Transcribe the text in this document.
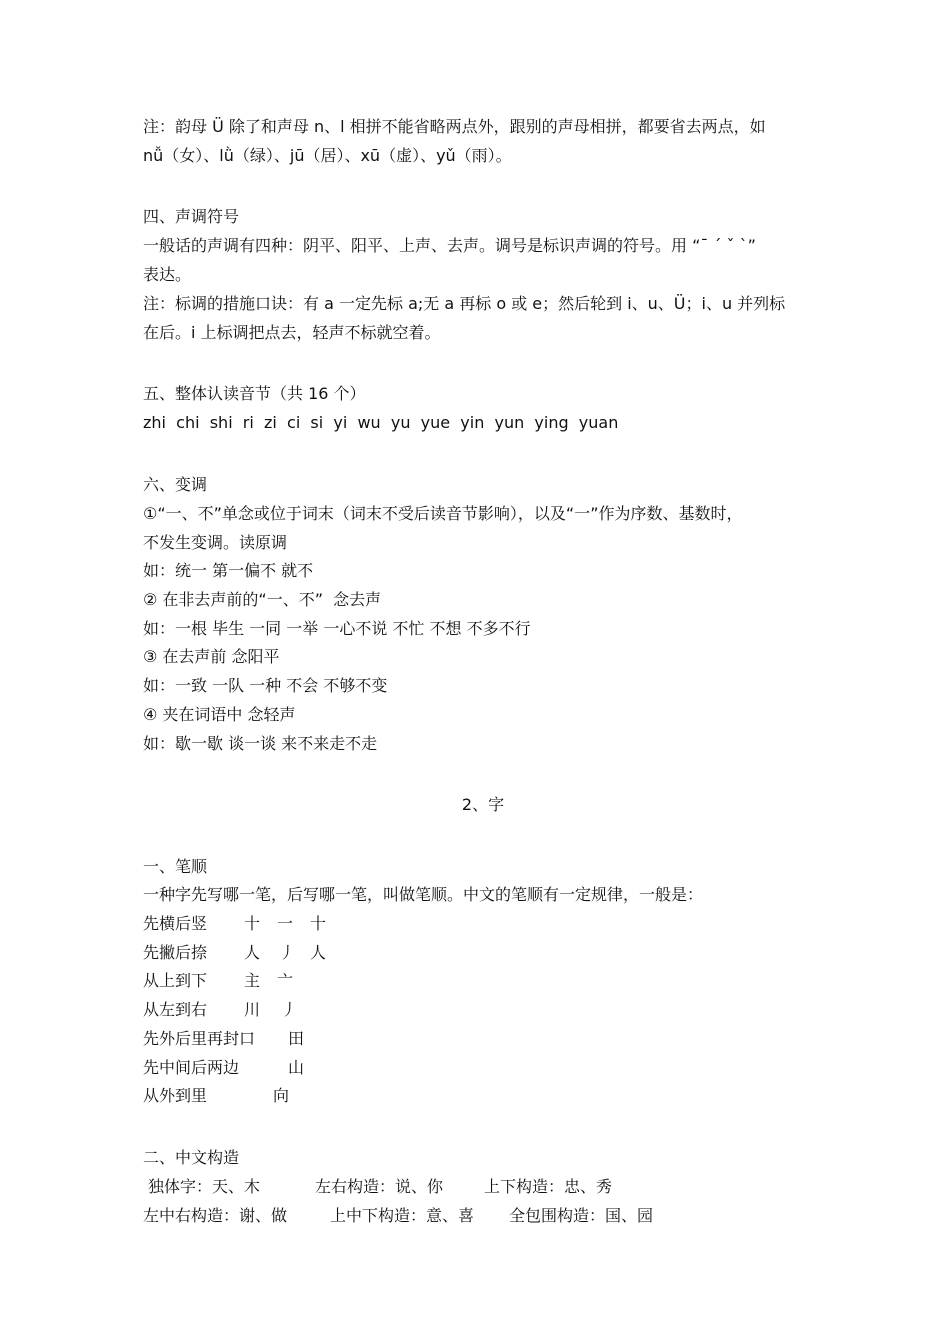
注：韵母 Ü 除了和声母 n、l 相拼不能省略两点外，跟别的声母相拼，都要省去两点，如
nǚ（女）、lǜ（绿）、jū（居）、xū（虚）、yǔ（雨）。
四、声调符号
一般话的声调有四种：阴平、阳平、上声、去声。调号是标识声调的符号。用 “ˉ ˊ ˇ ˋ”
表达。
注：标调的措施口诀：有 a 一定先标 a;无 a 再标 o 或 e；然后轮到 i、u、Ü；i、u 并列标
在后。i 上标调把点去，轻声不标就空着。
五、整体认读音节（共 16 个）
zhi  chi  shi  ri  zi  ci  si  yi  wu  yu  yue  yin  yun  ying  yuan
六、变调
①“一、不”单念或位于词末（词末不受后读音节影响），以及“一”作为序数、基数时，
不发生变调。读原调
如：统一 第一偏不 就不
② 在非去声前的“一、不”  念去声
如：一根 毕生 一同 一举 一心不说 不忙 不想 不多不行
③ 在去声前 念阳平
如：一致 一队 一种 不会 不够不变
④ 夹在词语中 念轻声
如：歇一歇 谈一谈 来不来走不走
2、字
一、笔顺
一种字先写哪一笔，后写哪一笔，叫做笔顺。中文的笔顺有一定规律，一般是：
先横后竖 十 一 十
先撇后捺 人 丿 人
从上到下 主 亠
从左到右 川 丿
先外后里再封口 田
先中间后两边	山
从外到里	向
二、中文构造
独体字：天、木	左右构造：说、你	上下构造：忠、秀
左中右构造：谢、做	上中下构造：意、喜 全包围构造：国、园
